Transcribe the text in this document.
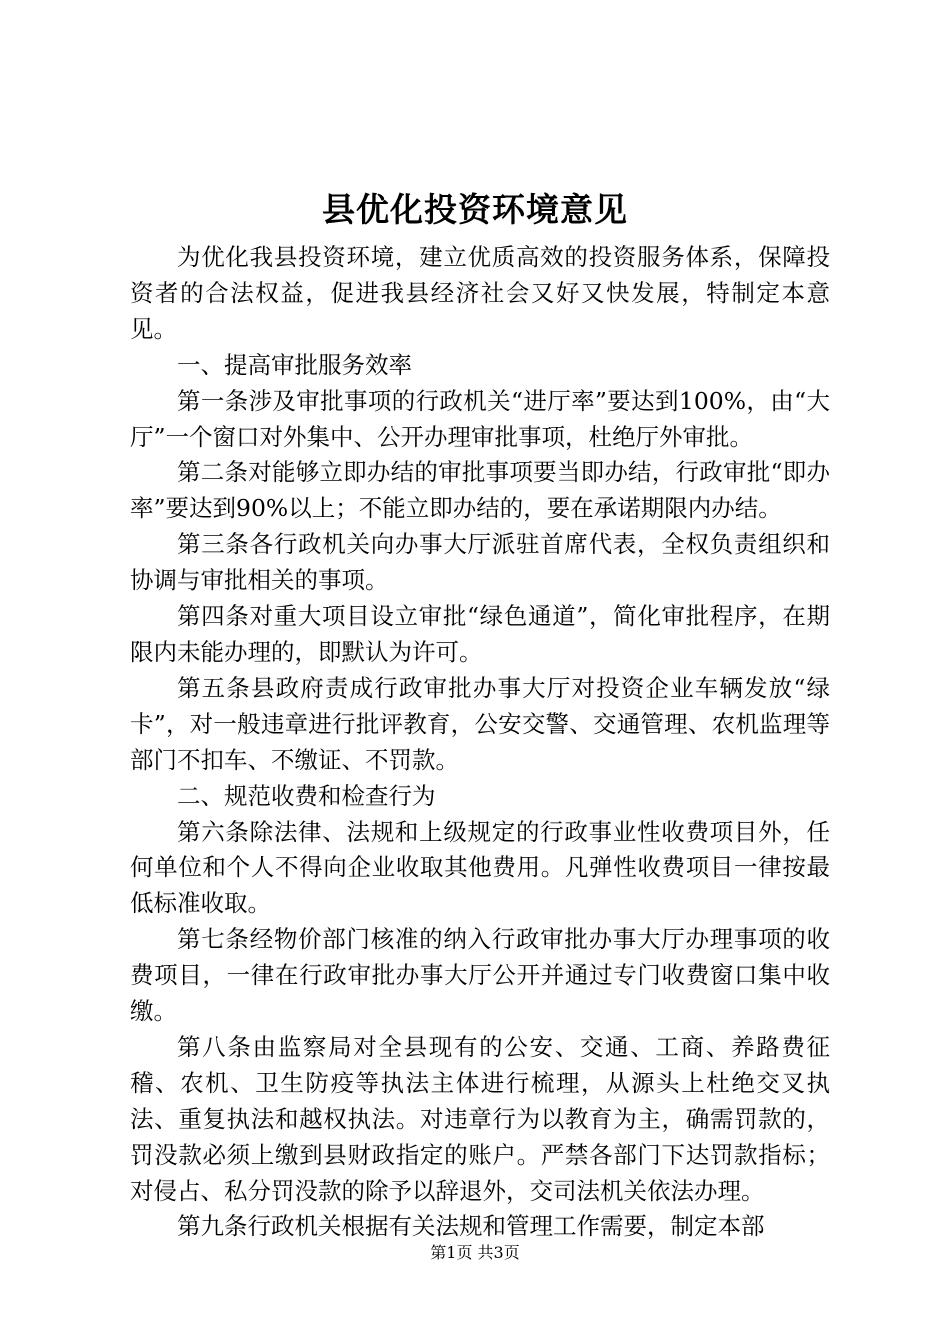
县优化投资环境意见

为优化我县投资环境，建立优质高效的投资服务体系，保障投资者的合法权益，促进我县经济社会又好又快发展，特制定本意见。

一、提高审批服务效率

第一条涉及审批事项的行政机关“进厅率”要达到100%，由“大厅”一个窗口对外集中、公开办理审批事项，杜绝厅外审批。

第二条对能够立即办结的审批事项要当即办结，行政审批“即办率”要达到90%以上；不能立即办结的，要在承诺期限内办结。

第三条各行政机关向办事大厅派驻首席代表，全权负责组织和协调与审批相关的事项。

第四条对重大项目设立审批“绿色通道”，简化审批程序，在期限内未能办理的，即默认为许可。

第五条县政府责成行政审批办事大厅对投资企业车辆发放“绿卡”，对一般违章进行批评教育，公安交警、交通管理、农机监理等部门不扣车、不缴证、不罚款。

二、规范收费和检查行为

第六条除法律、法规和上级规定的行政事业性收费项目外，任何单位和个人不得向企业收取其他费用。凡弹性收费项目一律按最低标准收取。

第七条经物价部门核准的纳入行政审批办事大厅办理事项的收费项目，一律在行政审批办事大厅公开并通过专门收费窗口集中收缴。

第八条由监察局对全县现有的公安、交通、工商、养路费征稽、农机、卫生防疫等执法主体进行梳理，从源头上杜绝交叉执法、重复执法和越权执法。对违章行为以教育为主，确需罚款的，罚没款必须上缴到县财政指定的账户。严禁各部门下达罚款指标；对侵占、私分罚没款的除予以辞退外，交司法机关依法办理。

第九条行政机关根据有关法规和管理工作需要，制定本部

第1页 共3页
